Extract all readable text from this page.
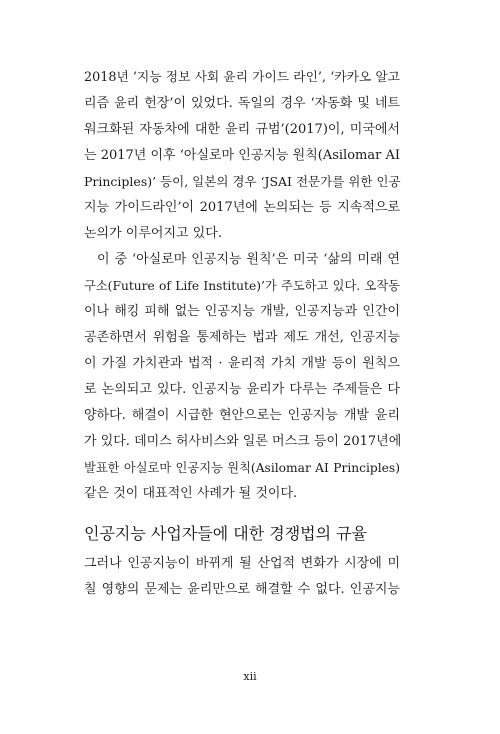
2018년 ‘지능 정보 사회 윤리 가이드 라인’, ‘카카오 알고
리즘 윤리 헌장’이 있었다. 독일의 경우 ‘자동화 및 네트
워크화된 자동차에 대한 윤리 규범’(2017)이, 미국에서
는 2017년 이후 ‘아실로마 인공지능 원칙(Asilomar AI
Principles)’ 등이, 일본의 경우 ‘JSAI 전문가를 위한 인공
지능 가이드라인’이 2017년에 논의되는 등 지속적으로
논의가 이루어지고 있다.
이 중 ‘아실로마 인공지능 원칙’은 미국 ‘삶의 미래 연
구소(Future of Life Institute)’가 주도하고 있다. 오작동
이나 해킹 피해 없는 인공지능 개발, 인공지능과 인간이
공존하면서 위험을 통제하는 법과 제도 개선, 인공지능
이 가질 가치관과 법적 · 윤리적 가치 개발 등이 원칙으
로 논의되고 있다. 인공지능 윤리가 다루는 주제들은 다
양하다. 해결이 시급한 현안으로는 인공지능 개발 윤리
가 있다. 데미스 허사비스와 일론 머스크 등이 2017년에
발표한 아실로마 인공지능 원칙(Asilomar AI Principles)
같은 것이 대표적인 사례가 될 것이다.
인공지능 사업자들에 대한 경쟁법의 규율
그러나 인공지능이 바뀌게 될 산업적 변화가 시장에 미
칠 영향의 문제는 윤리만으로 해결할 수 없다. 인공지능
xii
